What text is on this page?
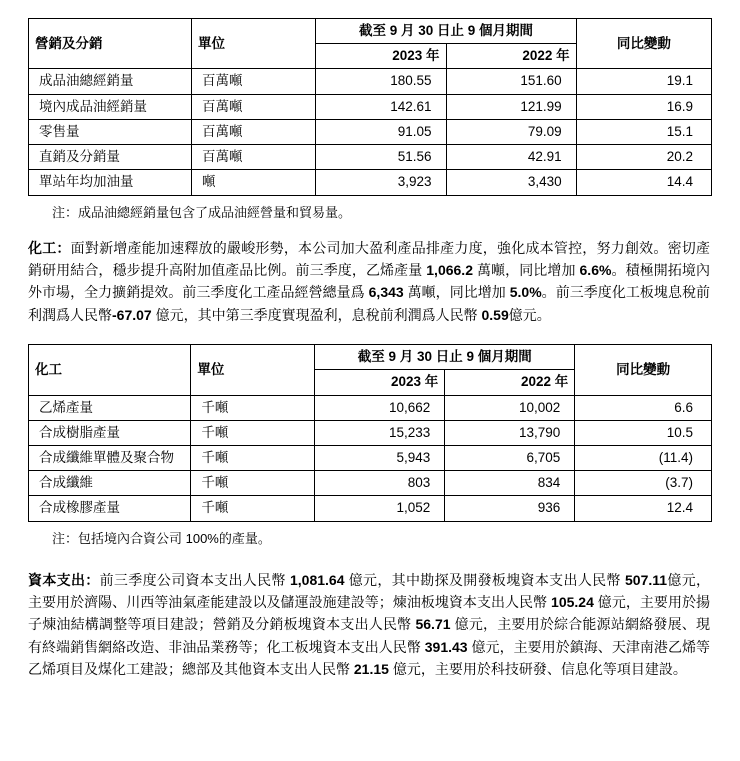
營銷及分銷	單位	截至 9 月 30 日止 9 個月期間		同比變動
		2023 年	2022 年	
成品油總經銷量	百萬噸	180.55	151.60	19.1
境內成品油經銷量	百萬噸	142.61	121.99	16.9
零售量	百萬噸	91.05	79.09	15.1
直銷及分銷量	百萬噸	51.56	42.91	20.2
單站年均加油量	噸	3,923	3,430	14.4

注：成品油總經銷量包含了成品油經營量和貿易量。

化工：面對新增產能加速釋放的嚴峻形勢，本公司加大盈利產品排產力度，強化成本管控，努力創效。密切產銷研用結合，穩步提升高附加值產品比例。前三季度，乙烯產量 1,066.2 萬噸，同比增加 6.6%。積極開拓境內外市場，全力擴銷提效。前三季度化工產品經營總量爲 6,343 萬噸，同比增加 5.0%。前三季度化工板塊息稅前利潤爲人民幣-67.07 億元，其中第三季度實現盈利，息稅前利潤爲人民幣 0.59億元。

化工	單位	截至 9 月 30 日止 9 個月期間		同比變動
		2023 年	2022 年	
乙烯產量	千噸	10,662	10,002	6.6
合成樹脂產量	千噸	15,233	13,790	10.5
合成纖維單體及聚合物	千噸	5,943	6,705	(11.4)
合成纖維	千噸	803	834	(3.7)
合成橡膠產量	千噸	1,052	936	12.4

注：包括境內合資公司 100%的產量。

資本支出：前三季度公司資本支出人民幣 1,081.64 億元，其中勘探及開發板塊資本支出人民幣 507.11億元，主要用於濟陽、川西等油氣產能建設以及儲運設施建設等；煉油板塊資本支出人民幣 105.24 億元，主要用於揚子煉油結構調整等項目建設；營銷及分銷板塊資本支出人民幣 56.71 億元，主要用於綜合能源站網絡發展、現有終端銷售網絡改造、非油品業務等；化工板塊資本支出人民幣 391.43 億元，主要用於鎮海、天津南港乙烯等乙烯項目及煤化工建設；總部及其他資本支出人民幣 21.15 億元，主要用於科技研發、信息化等項目建設。
